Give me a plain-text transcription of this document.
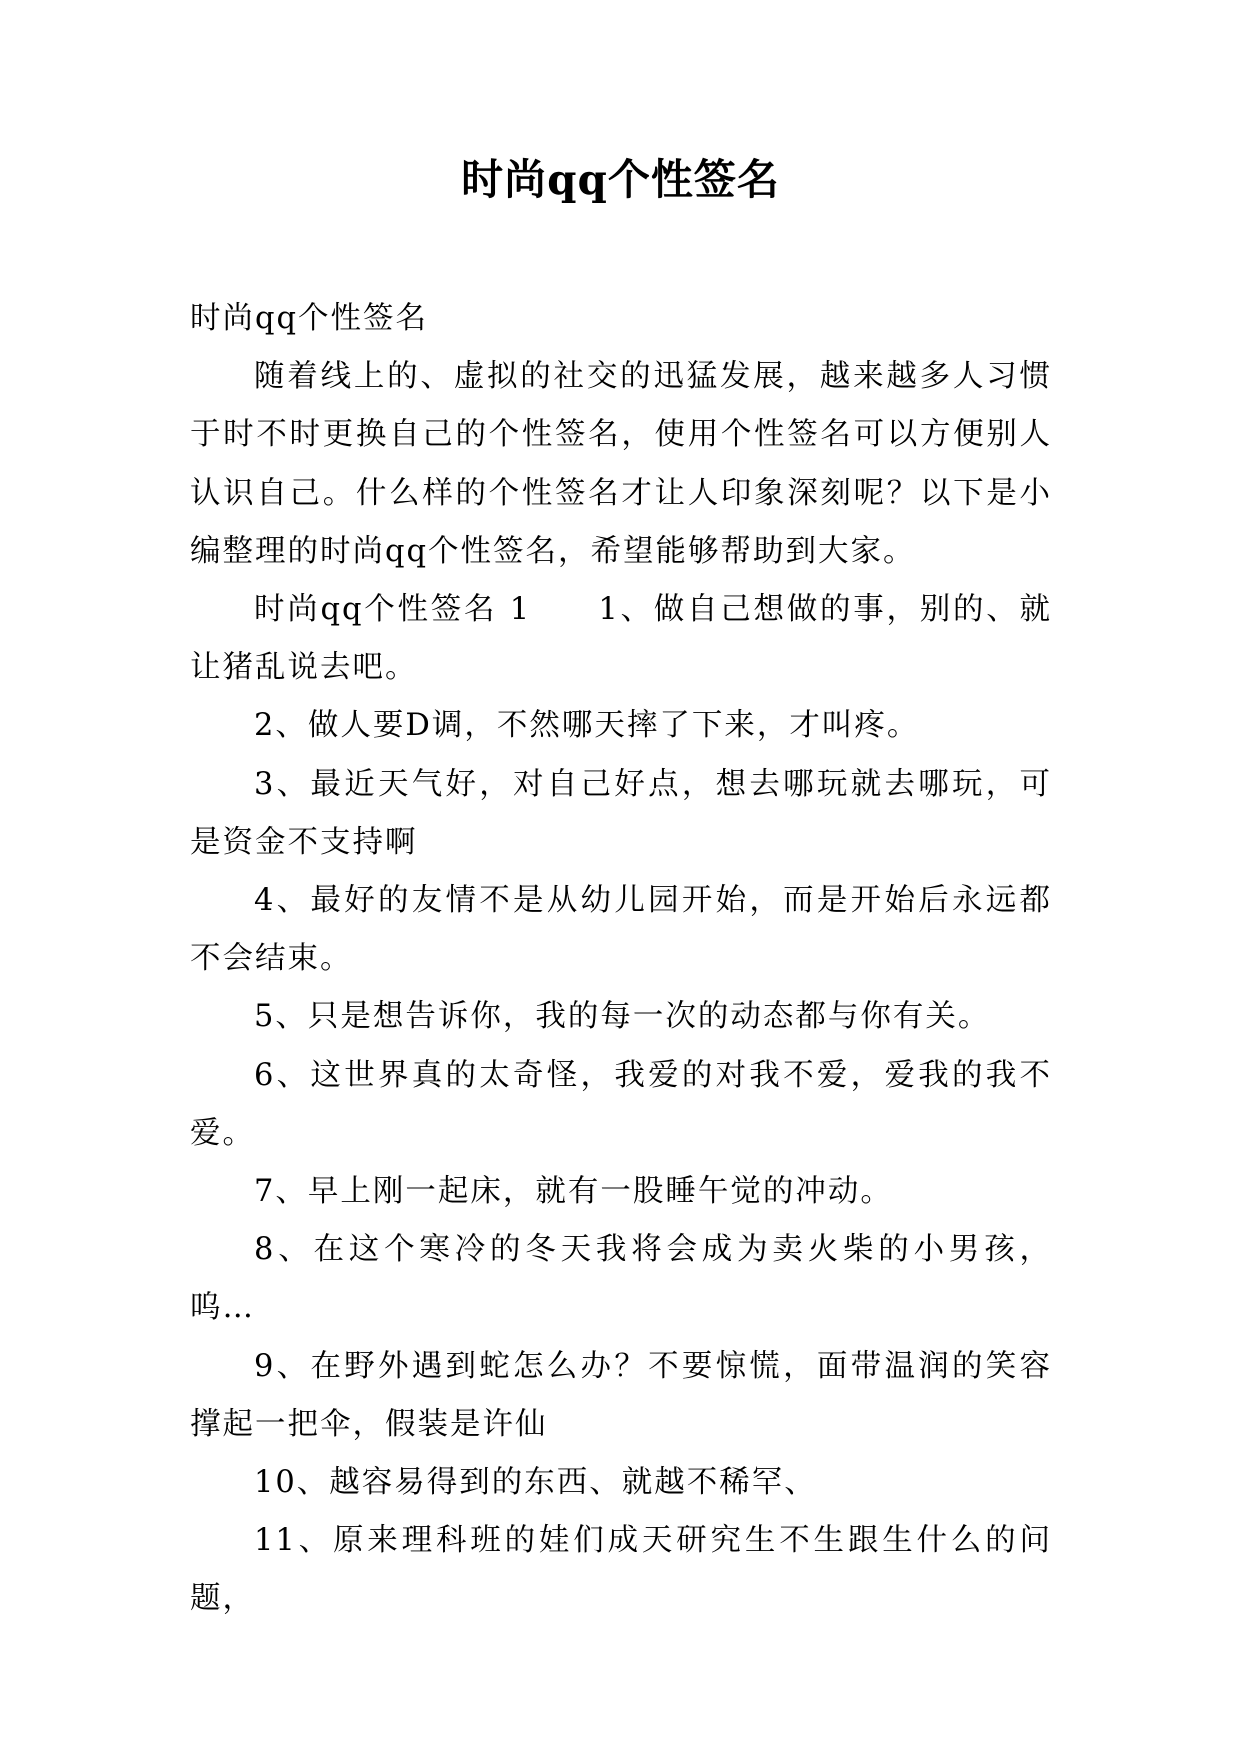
时尚qq个性签名

时尚qq个性签名

随着线上的、虚拟的社交的迅猛发展，越来越多人习惯于时不时更换自己的个性签名，使用个性签名可以方便别人认识自己。什么样的个性签名才让人印象深刻呢？以下是小编整理的时尚qq个性签名，希望能够帮助到大家。

时尚qq个性签名 1　　1、做自己想做的事，别的、就让猪乱说去吧。

2、做人要D调，不然哪天摔了下来，才叫疼。

3、最近天气好，对自己好点，想去哪玩就去哪玩，可是资金不支持啊

4、最好的友情不是从幼儿园开始，而是开始后永远都不会结束。

5、只是想告诉你，我的每一次的动态都与你有关。

6、这世界真的太奇怪，我爱的对我不爱，爱我的我不爱。

7、早上刚一起床，就有一股睡午觉的冲动。

8、在这个寒冷的冬天我将会成为卖火柴的小男孩，呜…

9、在野外遇到蛇怎么办？不要惊慌，面带温润的笑容撑起一把伞，假装是许仙

10、越容易得到的东西、就越不稀罕、

11、原来理科班的娃们成天研究生不生跟生什么的问题，
